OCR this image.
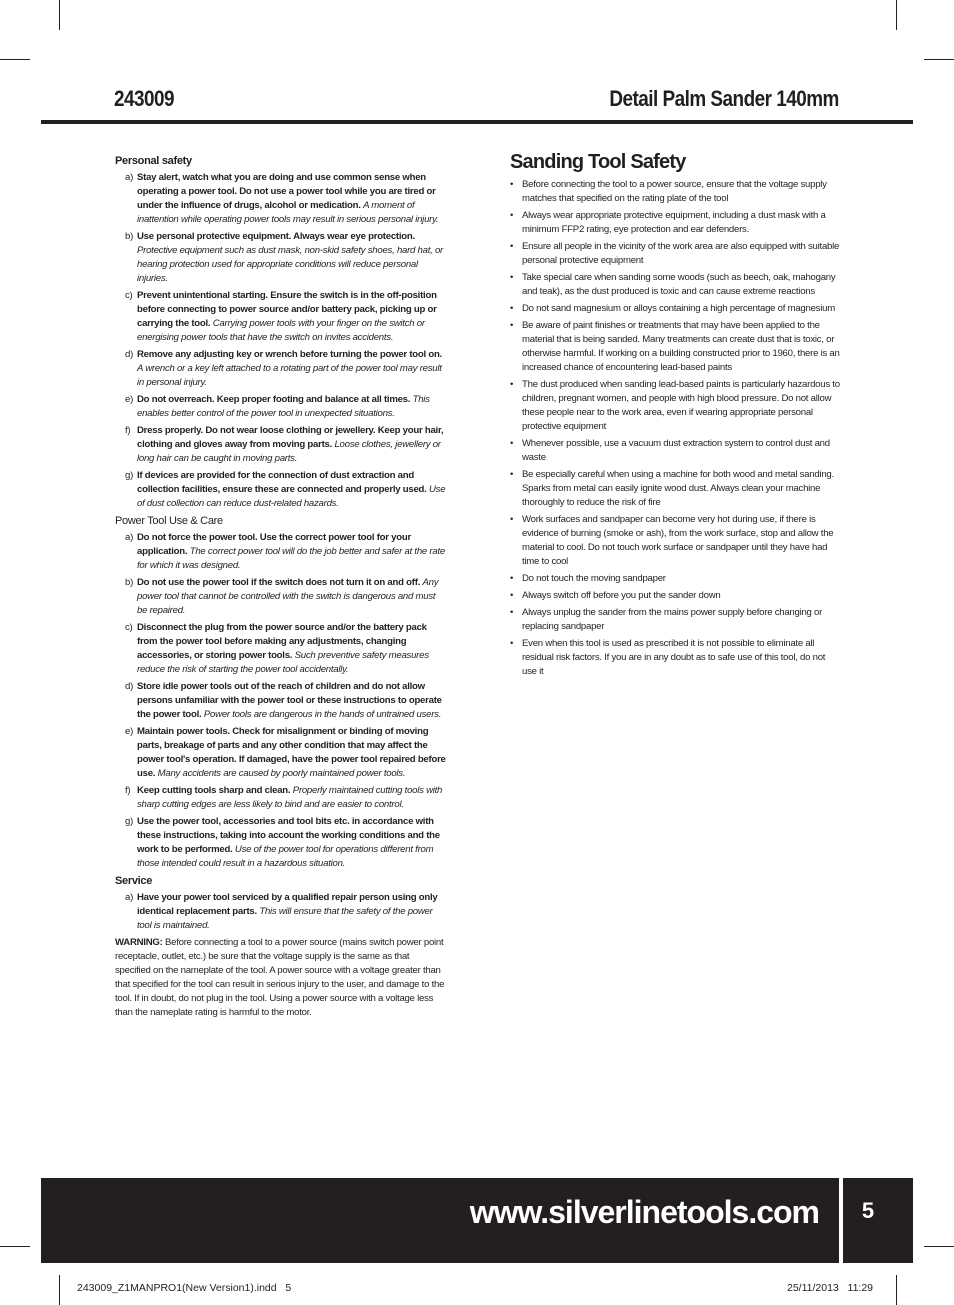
243009	Detail Palm Sander 140mm
Personal safety
a) Stay alert, watch what you are doing and use common sense when operating a power tool. Do not use a power tool while you are tired or under the influence of drugs, alcohol or medication. A moment of inattention while operating power tools may result in serious personal injury.
b) Use personal protective equipment. Always wear eye protection. Protective equipment such as dust mask, non-skid safety shoes, hard hat, or hearing protection used for appropriate conditions will reduce personal injuries.
c) Prevent unintentional starting. Ensure the switch is in the off-position before connecting to power source and/or battery pack, picking up or carrying the tool. Carrying power tools with your finger on the switch or energising power tools that have the switch on invites accidents.
d) Remove any adjusting key or wrench before turning the power tool on. A wrench or a key left attached to a rotating part of the power tool may result in personal injury.
e) Do not overreach. Keep proper footing and balance at all times. This enables better control of the power tool in unexpected situations.
f) Dress properly. Do not wear loose clothing or jewellery. Keep your hair, clothing and gloves away from moving parts. Loose clothes, jewellery or long hair can be caught in moving parts.
g) If devices are provided for the connection of dust extraction and collection facilities, ensure these are connected and properly used. Use of dust collection can reduce dust-related hazards.
Power Tool Use & Care
a) Do not force the power tool. Use the correct power tool for your application. The correct power tool will do the job better and safer at the rate for which it was designed.
b) Do not use the power tool if the switch does not turn it on and off. Any power tool that cannot be controlled with the switch is dangerous and must be repaired.
c) Disconnect the plug from the power source and/or the battery pack from the power tool before making any adjustments, changing accessories, or storing power tools. Such preventive safety measures reduce the risk of starting the power tool accidentally.
d) Store idle power tools out of the reach of children and do not allow persons unfamiliar with the power tool or these instructions to operate the power tool. Power tools are dangerous in the hands of untrained users.
e) Maintain power tools. Check for misalignment or binding of moving parts, breakage of parts and any other condition that may affect the power tool's operation. If damaged, have the power tool repaired before use. Many accidents are caused by poorly maintained power tools.
f) Keep cutting tools sharp and clean. Properly maintained cutting tools with sharp cutting edges are less likely to bind and are easier to control.
g) Use the power tool, accessories and tool bits etc. in accordance with these instructions, taking into account the working conditions and the work to be performed. Use of the power tool for operations different from those intended could result in a hazardous situation.
Service
a) Have your power tool serviced by a qualified repair person using only identical replacement parts. This will ensure that the safety of the power tool is maintained.
WARNING: Before connecting a tool to a power source (mains switch power point receptacle, outlet, etc.) be sure that the voltage supply is the same as that specified on the nameplate of the tool. A power source with a voltage greater than that specified for the tool can result in serious injury to the user, and damage to the tool. If in doubt, do not plug in the tool. Using a power source with a voltage less than the nameplate rating is harmful to the motor.
Sanding Tool Safety
• Before connecting the tool to a power source, ensure that the voltage supply matches that specified on the rating plate of the tool
• Always wear appropriate protective equipment, including a dust mask with a minimum FFP2 rating, eye protection and ear defenders.
• Ensure all people in the vicinity of the work area are also equipped with suitable personal protective equipment
• Take special care when sanding some woods (such as beech, oak, mahogany and teak), as the dust produced is toxic and can cause extreme reactions
• Do not sand magnesium or alloys containing a high percentage of magnesium
• Be aware of paint finishes or treatments that may have been applied to the material that is being sanded. Many treatments can create dust that is toxic, or otherwise harmful. If working on a building constructed prior to 1960, there is an increased chance of encountering lead-based paints
• The dust produced when sanding lead-based paints is particularly hazardous to children, pregnant women, and people with high blood pressure. Do not allow these people near to the work area, even if wearing appropriate personal protective equipment
• Whenever possible, use a vacuum dust extraction system to control dust and waste
• Be especially careful when using a machine for both wood and metal sanding. Sparks from metal can easily ignite wood dust. Always clean your machine thoroughly to reduce the risk of fire
• Work surfaces and sandpaper can become very hot during use, if there is evidence of burning (smoke or ash), from the work surface, stop and allow the material to cool. Do not touch work surface or sandpaper until they have had time to cool
• Do not touch the moving sandpaper
• Always switch off before you put the sander down
• Always unplug the sander from the mains power supply before changing or replacing sandpaper
• Even when this tool is used as prescribed it is not possible to eliminate all residual risk factors. If you are in any doubt as to safe use of this tool, do not use it
www.silverlinetools.com	5
243009_Z1MANPRO1(New Version1).indd   5	25/11/2013   11:29
